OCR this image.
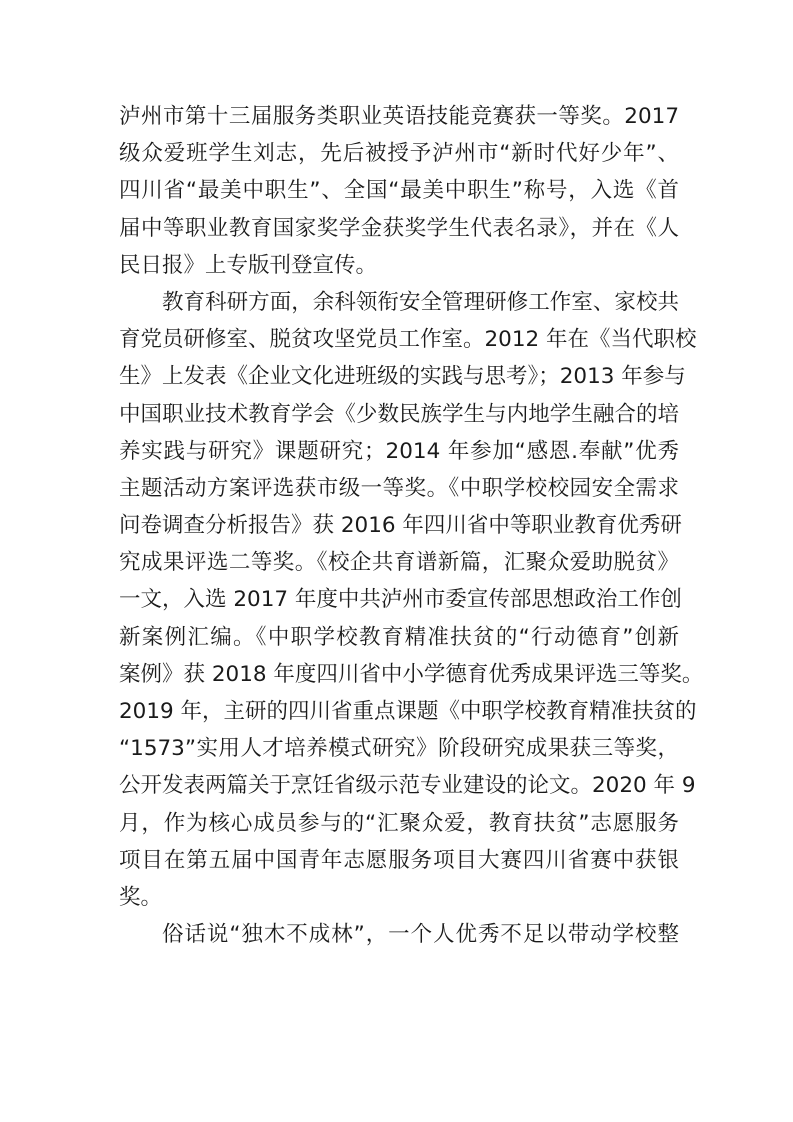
泸州市第十三届服务类职业英语技能竞赛获一等奖。2017
级众爱班学生刘志，先后被授予泸州市“新时代好少年”、
四川省“最美中职生”、全国“最美中职生”称号，入选《首
届中等职业教育国家奖学金获奖学生代表名录》，并在《人
民日报》上专版刊登宣传。
教育科研方面，余科领衔安全管理研修工作室、家校共
育党员研修室、脱贫攻坚党员工作室。2012 年在《当代职校
生》上发表《企业文化进班级的实践与思考》；2013 年参与
中国职业技术教育学会《少数民族学生与内地学生融合的培
养实践与研究》课题研究；2014 年参加“感恩.奉献”优秀
主题活动方案评选获市级一等奖。《中职学校校园安全需求
问卷调查分析报告》获 2016 年四川省中等职业教育优秀研
究成果评选二等奖。《校企共育谱新篇，汇聚众爱助脱贫》
一文，入选 2017 年度中共泸州市委宣传部思想政治工作创
新案例汇编。《中职学校教育精准扶贫的“行动德育”创新
案例》获 2018 年度四川省中小学德育优秀成果评选三等奖。
2019 年，主研的四川省重点课题《中职学校教育精准扶贫的
“1573”实用人才培养模式研究》阶段研究成果获三等奖，
公开发表两篇关于烹饪省级示范专业建设的论文。2020 年 9
月，作为核心成员参与的“汇聚众爱，教育扶贫”志愿服务
项目在第五届中国青年志愿服务项目大赛四川省赛中获银
奖。
俗话说“独木不成林”，一个人优秀不足以带动学校整
